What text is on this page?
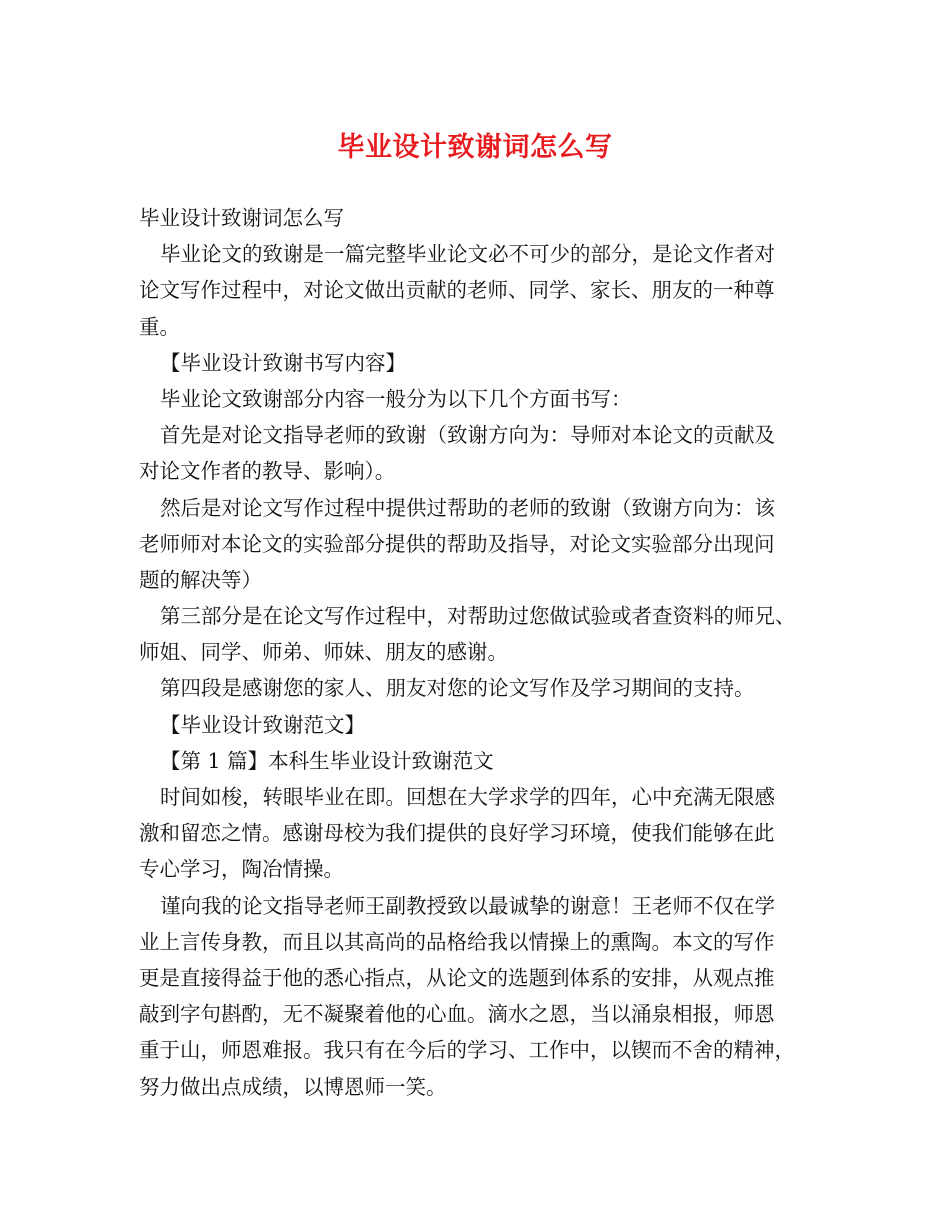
毕业设计致谢词怎么写
毕业设计致谢词怎么写
毕业论文的致谢是一篇完整毕业论文必不可少的部分，是论文作者对
论文写作过程中，对论文做出贡献的老师、同学、家长、朋友的一种尊
重。
【毕业设计致谢书写内容】
毕业论文致谢部分内容一般分为以下几个方面书写：
首先是对论文指导老师的致谢（致谢方向为：导师对本论文的贡献及
对论文作者的教导、影响）。
然后是对论文写作过程中提供过帮助的老师的致谢（致谢方向为：该
老师师对本论文的实验部分提供的帮助及指导，对论文实验部分出现问
题的解决等）
第三部分是在论文写作过程中，对帮助过您做试验或者查资料的师兄、
师姐、同学、师弟、师妹、朋友的感谢。
第四段是感谢您的家人、朋友对您的论文写作及学习期间的支持。
【毕业设计致谢范文】
【第 1 篇】本科生毕业设计致谢范文
时间如梭，转眼毕业在即。回想在大学求学的四年，心中充满无限感
激和留恋之情。感谢母校为我们提供的良好学习环境，使我们能够在此
专心学习，陶冶情操。
谨向我的论文指导老师王副教授致以最诚挚的谢意！王老师不仅在学
业上言传身教，而且以其高尚的品格给我以情操上的熏陶。本文的写作
更是直接得益于他的悉心指点，从论文的选题到体系的安排，从观点推
敲到字句斟酌，无不凝聚着他的心血。滴水之恩，当以涌泉相报，师恩
重于山，师恩难报。我只有在今后的学习、工作中，以锲而不舍的精神，
努力做出点成绩，以博恩师一笑。
